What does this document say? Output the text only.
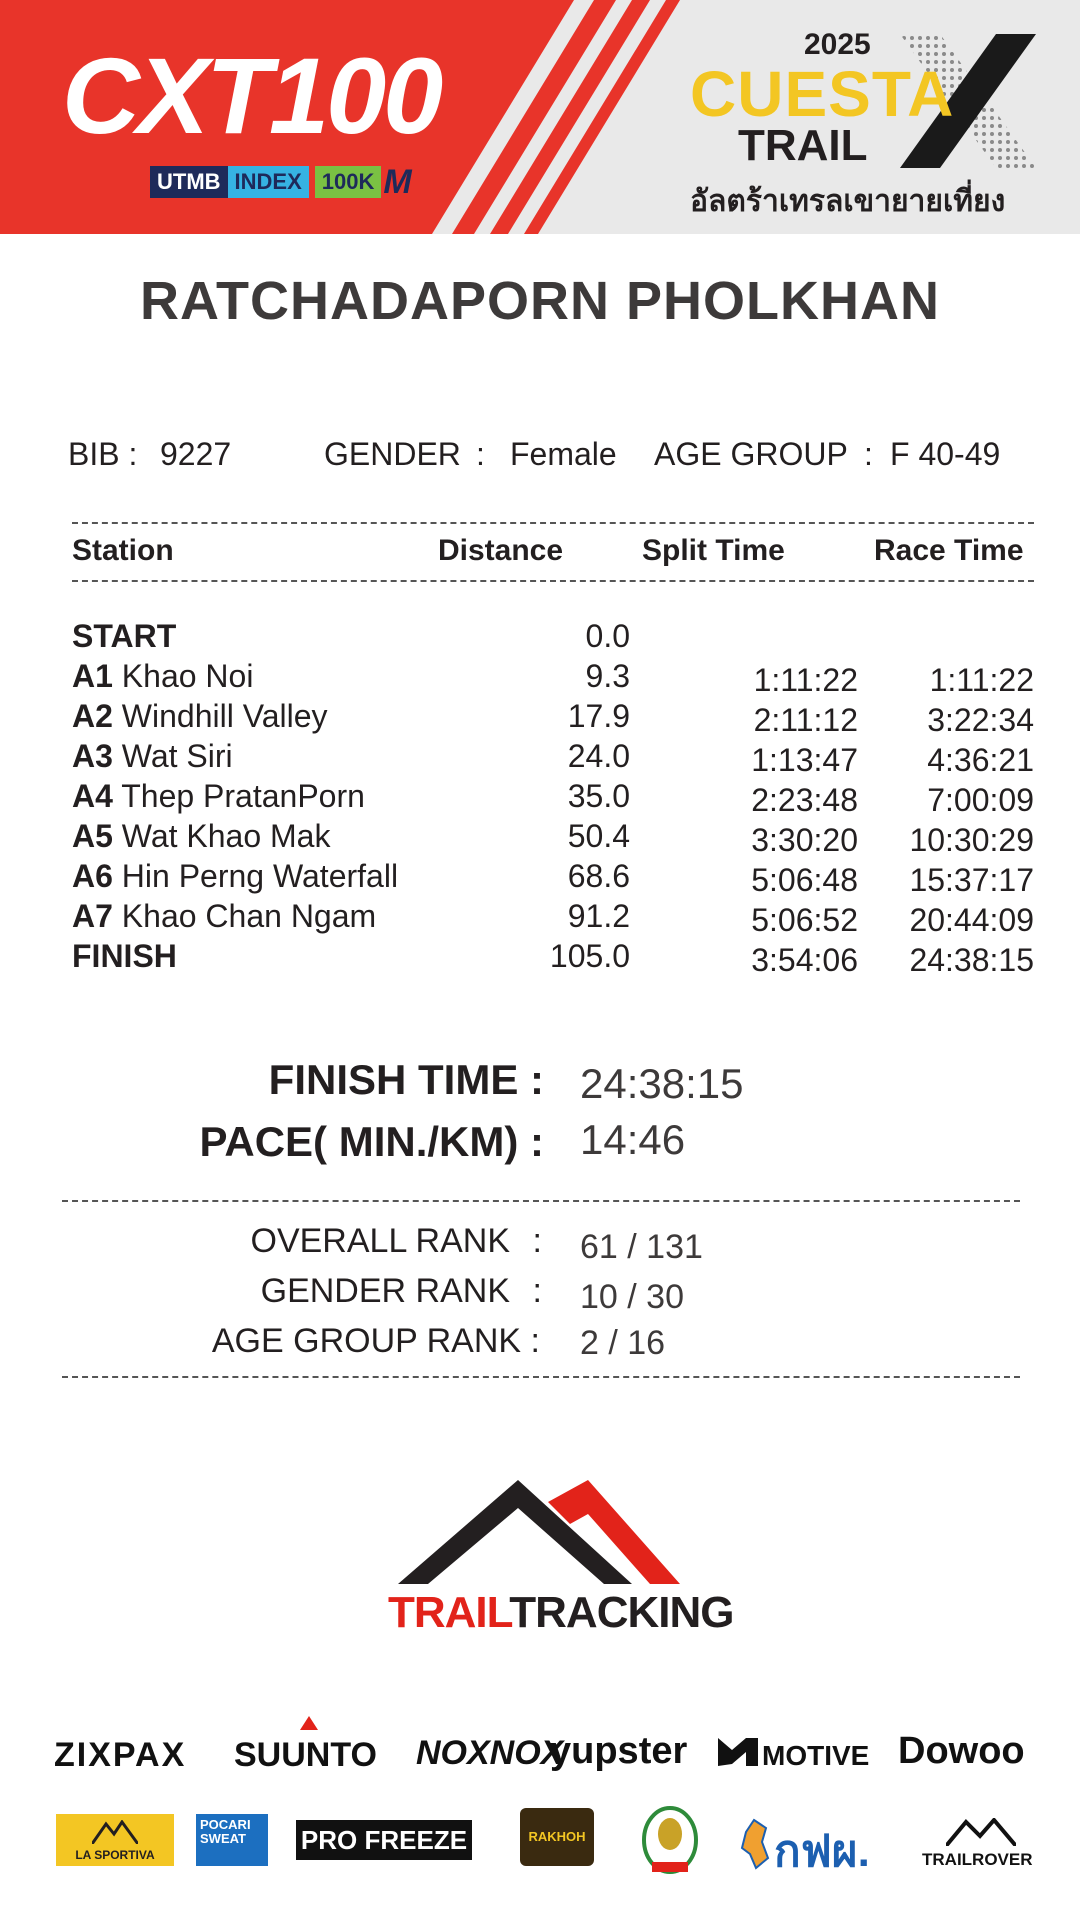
CXT100
UTMB INDEX 100K M
2025
CUESTA
TRAIL
อัลตร้าเทรลเขายายเที่ยง
RATCHADAPORN PHOLKHAN
BIB : 9227	GENDER : Female AGE GROUP : F 40-49
Station	Distance	Split Time	Race Time
START	0.0
A1 Khao Noi	9.3	1:11:22 1:11:22
A2 Windhill Valley	17.9	2:11:12 3:22:34
A3 Wat Siri	24.0	1:13:47 4:36:21
A4 Thep PratanPorn	35.0	2:23:48 7:00:09
A5 Wat Khao Mak	50.4	3:30:20 10:30:29
A6 Hin Perng Waterfall	68.6	5:06:48 15:37:17
A7 Khao Chan Ngam	91.2	5:06:52 20:44:09
FINISH	105.0	3:54:06 24:38:15
FINISH TIME : 24:38:15
PACE( MIN./KM) : 14:46
OVERALL RANK : 61 / 131
GENDER RANK : 10 / 30
AGE GROUP RANK : 2 / 16
TRAILTRACKING
ZIXPAX SUUNTO NOXNOX
yupster	MOTIVE Dowoo
LA SPORTIVA
POCARI SWEAT	PRO FREEZE	RAKHOH	กฟผ.	TRAILROVER
